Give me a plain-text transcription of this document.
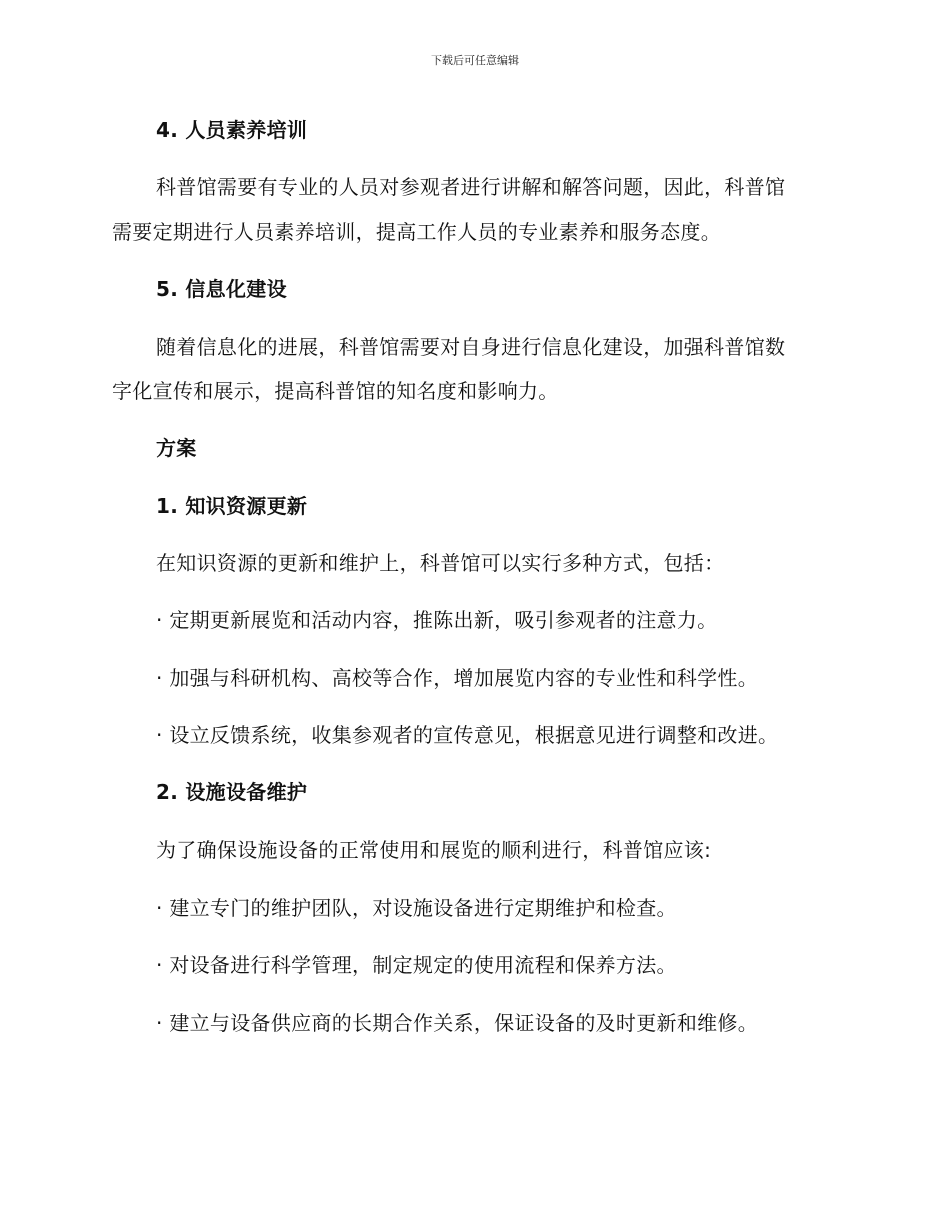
下载后可任意编辑
4. 人员素养培训
科普馆需要有专业的人员对参观者进行讲解和解答问题，因此，科普馆
需要定期进行人员素养培训，提高工作人员的专业素养和服务态度。
5. 信息化建设
随着信息化的进展，科普馆需要对自身进行信息化建设，加强科普馆数
字化宣传和展示，提高科普馆的知名度和影响力。
方案
1. 知识资源更新
在知识资源的更新和维护上，科普馆可以实行多种方式，包括：
· 定期更新展览和活动内容，推陈出新，吸引参观者的注意力。
· 加强与科研机构、高校等合作，增加展览内容的专业性和科学性。
· 设立反馈系统，收集参观者的宣传意见，根据意见进行调整和改进。
2. 设施设备维护
为了确保设施设备的正常使用和展览的顺利进行，科普馆应该:
· 建立专门的维护团队，对设施设备进行定期维护和检查。
· 对设备进行科学管理，制定规定的使用流程和保养方法。
· 建立与设备供应商的长期合作关系，保证设备的及时更新和维修。
